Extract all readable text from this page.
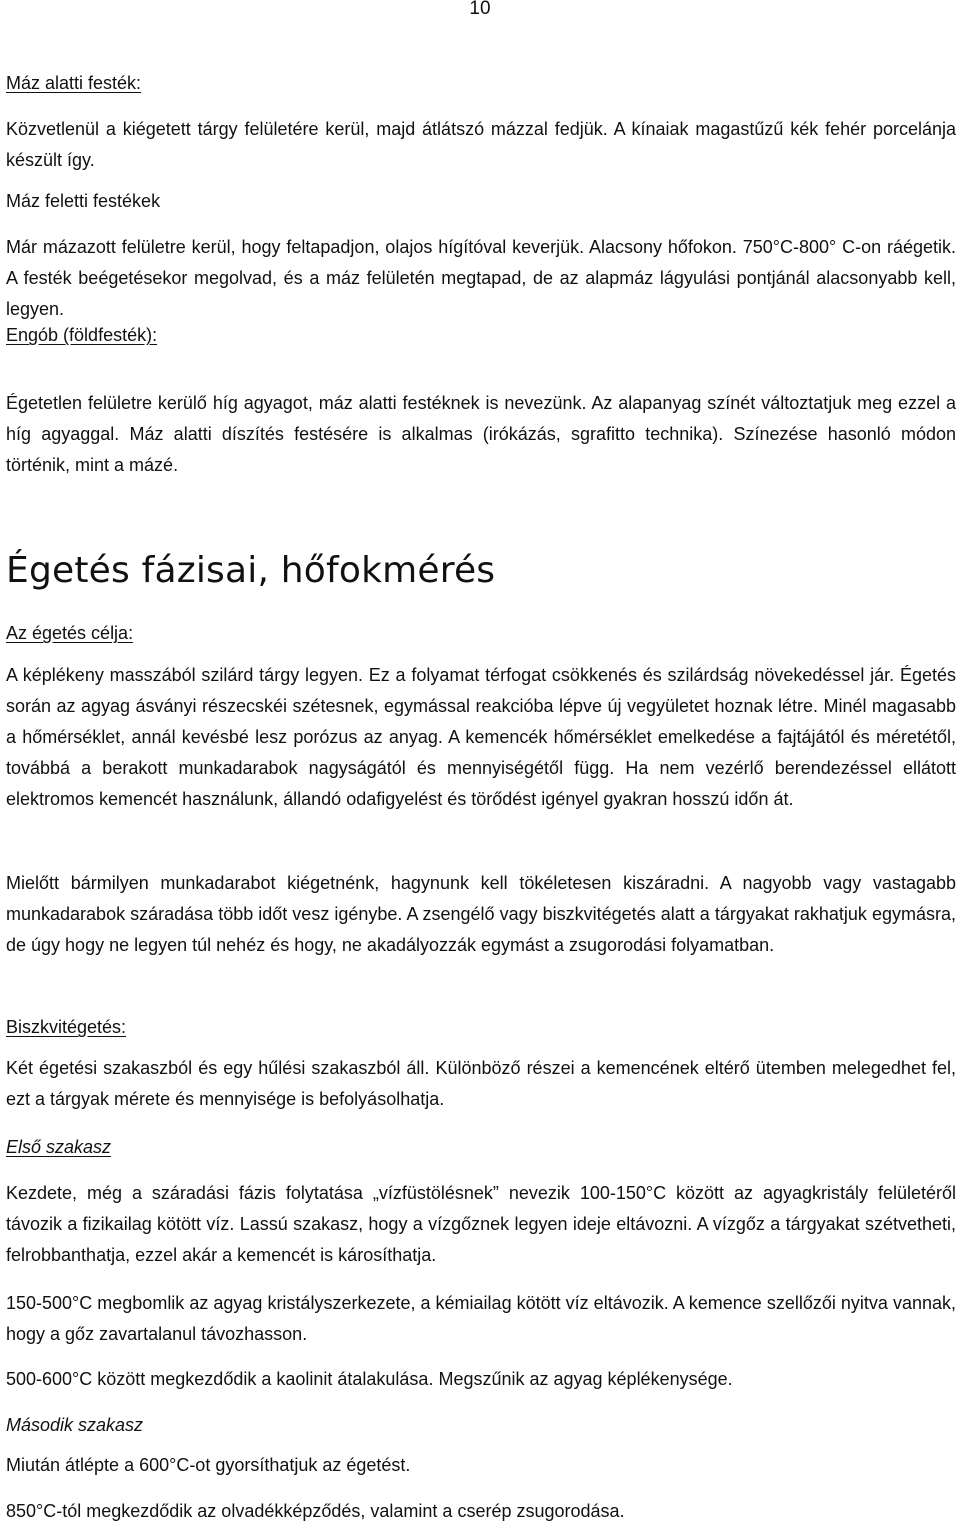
10
Máz alatti festék:

Közvetlenül a kiégetett tárgy felületére kerül, majd átlátszó mázzal fedjük. A kínaiak magastűzű kék fehér porcelánja készült így.

Máz feletti festékek

Már mázazott felületre kerül, hogy feltapadjon, olajos hígítóval keverjük. Alacsony hőfokon. 750°C-800° C-on ráégetik. A festék beégetésekor megolvad, és a máz felületén megtapad, de az alapmáz lágyulási pontjánál alacsonyabb kell, legyen.

Engób (földfesték):

Égetetlen felületre kerülő híg agyagot, máz alatti festéknek is nevezünk. Az alapanyag színét változtatjuk meg ezzel a híg agyaggal. Máz alatti díszítés festésére is alkalmas (irókázás, sgrafitto technika). Színezése hasonló módon történik, mint a mázé.

Égetés fázisai, hőfokmérés
Az égetés célja:

A képlékeny masszából szilárd tárgy legyen. Ez a folyamat térfogat csökkenés és szilárdság növekedéssel jár. Égetés során az agyag ásványi részecskéi szétesnek, egymással reakcióba lépve új vegyületet hoznak létre. Minél magasabb a hőmérséklet, annál kevésbé lesz porózus az anyag. A kemencék hőmérséklet emelkedése a fajtájától és méretétől, továbbá a berakott munkadarabok nagyságától és mennyiségétől függ. Ha nem vezérlő berendezéssel ellátott elektromos kemencét használunk, állandó odafigyelést és törődést igényel gyakran hosszú időn át.

Mielőtt bármilyen munkadarabot kiégetnénk, hagynunk kell tökéletesen kiszáradni. A nagyobb vagy vastagabb munkadarabok száradása több időt vesz igénybe. A zsengélő vagy biszkvitégetés alatt a tárgyakat rakhatjuk egymásra, de úgy hogy ne legyen túl nehéz és hogy, ne akadályozzák egymást a zsugorodási folyamatban.

Biszkvitégetés:

Két égetési szakaszból és egy hűlési szakaszból áll. Különböző részei a kemencének eltérő ütemben melegedhet fel, ezt a tárgyak mérete és mennyisége is befolyásolhatja.

Első szakasz

Kezdete, még a száradási fázis folytatása „vízfüstölésnek” nevezik 100-150°C között az agyagkristály felületéről távozik a fizikailag kötött víz. Lassú szakasz, hogy a vízgőznek legyen ideje eltávozni. A vízgőz a tárgyakat szétvetheti, felrobbanthatja, ezzel akár a kemencét is károsíthatja.

150-500°C megbomlik az agyag kristályszerkezete, a kémiailag kötött víz eltávozik. A kemence szellőzői nyitva vannak, hogy a gőz zavartalanul távozhasson.

500-600°C között megkezdődik a kaolinit átalakulása. Megszűnik az agyag képlékenysége.

Második szakasz

Miután átlépte a 600°C-ot gyorsíthatjuk az égetést.

850°C-tól megkezdődik az olvadékképződés, valamint a cserép zsugorodása.
